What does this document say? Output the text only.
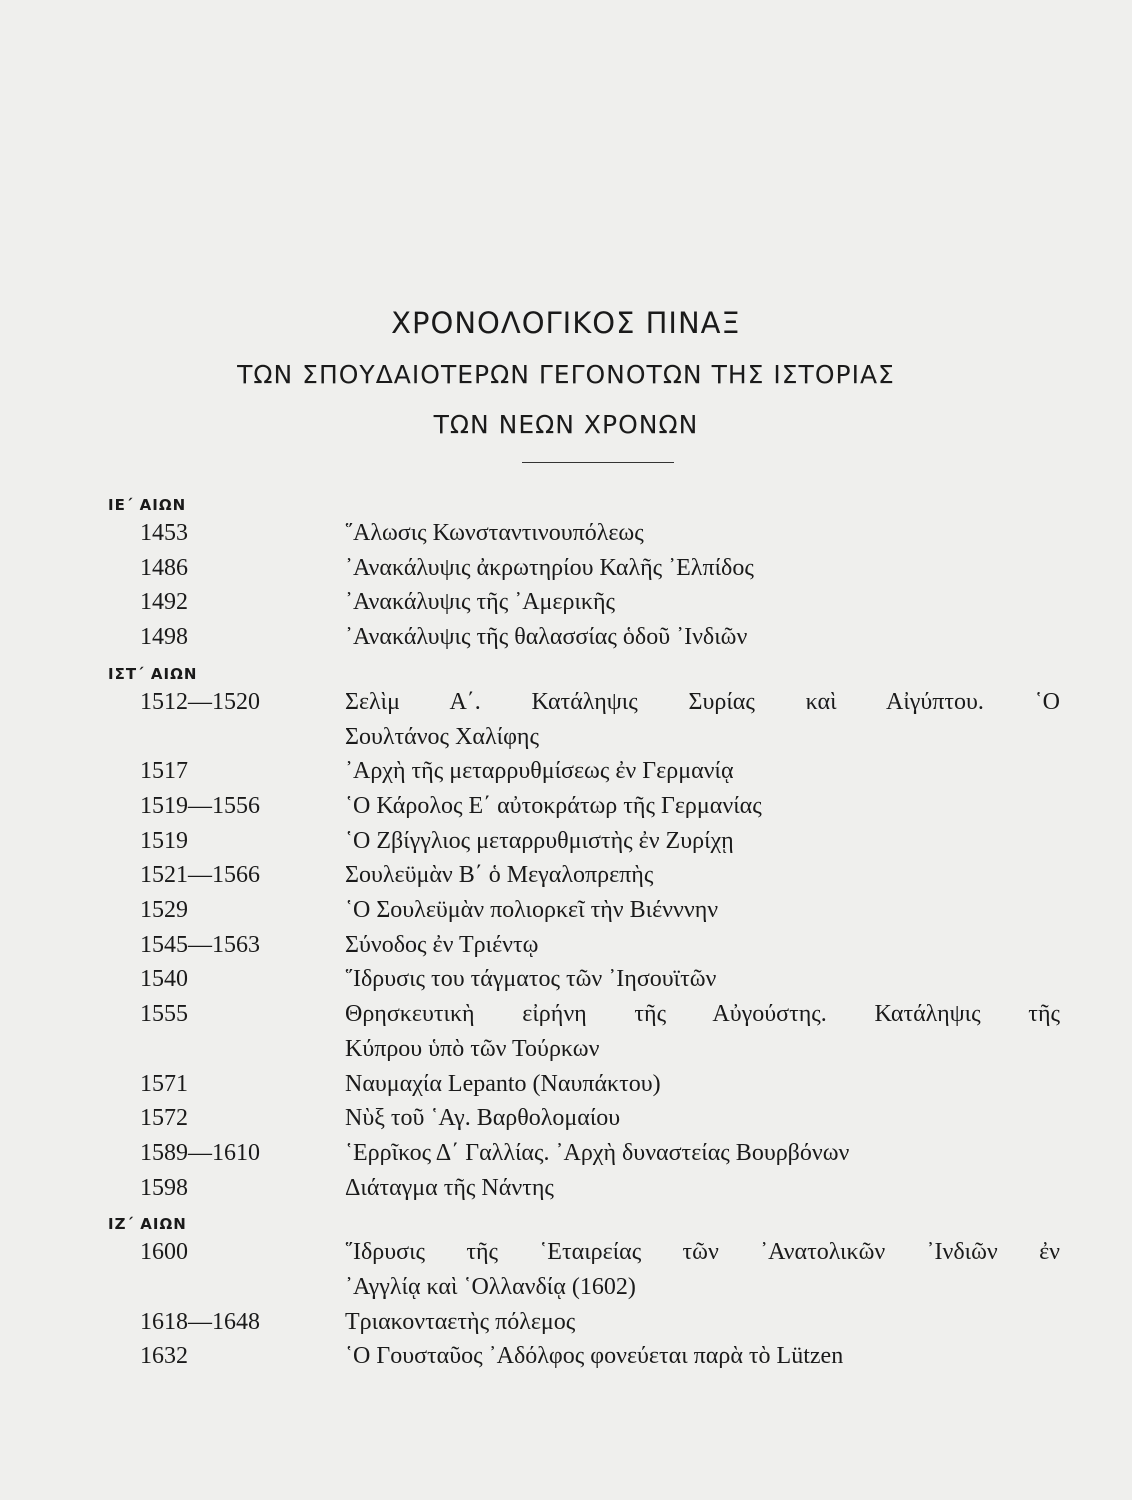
ΧΡΟΝΟΛΟΓΙΚΟΣ ΠΙΝΑΞ
ΤΩΝ ΣΠΟΥΔΑΙΟΤΕΡΩΝ ΓΕΓΟΝΟΤΩΝ ΤΗΣ ΙΣΤΟΡΙΑΣ
ΤΩΝ ΝΕΩΝ ΧΡΟΝΩΝ
ΙΕ΄ ΑΙΩΝ
1453	῞Αλωσις Κωνσταντινουπόλεως
1486	᾿Ανακάλυψις ἀκρωτηρίου Καλῆς ᾿Ελπίδος
1492	᾿Ανακάλυψις τῆς ᾿Αμερικῆς
1498	᾿Ανακάλυψις τῆς θαλασσίας ὁδοῦ ᾿Ινδιῶν
ΙΣΤ΄ ΑΙΩΝ
1512—1520	Σελὶμ Α΄. Κατάληψις Συρίας καὶ Αἰγύπτου. ῾Ο
Σουλτάνος Χαλίφης
1517	᾿Αρχὴ τῆς μεταρρυθμίσεως ἐν Γερμανίᾳ
1519—1556	῾Ο Κάρολος Ε΄ αὐτοκράτωρ τῆς Γερμανίας
1519	῾Ο Ζβίγγλιος μεταρρυθμιστὴς ἐν Ζυρίχῃ
1521—1566	Σουλεϋμὰν Β΄ ὁ Μεγαλοπρεπὴς
1529	῾Ο Σουλεϋμὰν πολιορκεῖ τὴν Βιένννην
1545—1563	Σύνοδος ἐν Τριέντῳ
1540	῞Ιδρυσις του τάγματος τῶν ᾿Ιησουϊτῶν
1555	Θρησκευτικὴ εἰρήνη τῆς Αὐγούστης. Κατάληψις τῆς
Κύπρου ὑπὸ τῶν Τούρκων
1571	Ναυμαχία Lepanto (Ναυπάκτου)
1572	Νὺξ τοῦ ῾Αγ. Βαρθολομαίου
1589—1610	῾Ερρῖκος Δ΄ Γαλλίας. ᾿Αρχὴ δυναστείας Βουρβόνων
1598	Διάταγμα τῆς Νάντης
ΙΖ΄ ΑΙΩΝ
1600	῞Ιδρυσις τῆς ῾Εταιρείας τῶν ᾿Ανατολικῶν ᾿Ινδιῶν ἐν
᾿Αγγλίᾳ καὶ ῾Ολλανδίᾳ (1602)
1618—1648	Τριακονταετὴς πόλεμος
1632	῾Ο Γουσταῦος ᾿Αδόλφος φονεύεται παρὰ τὸ Lützen
